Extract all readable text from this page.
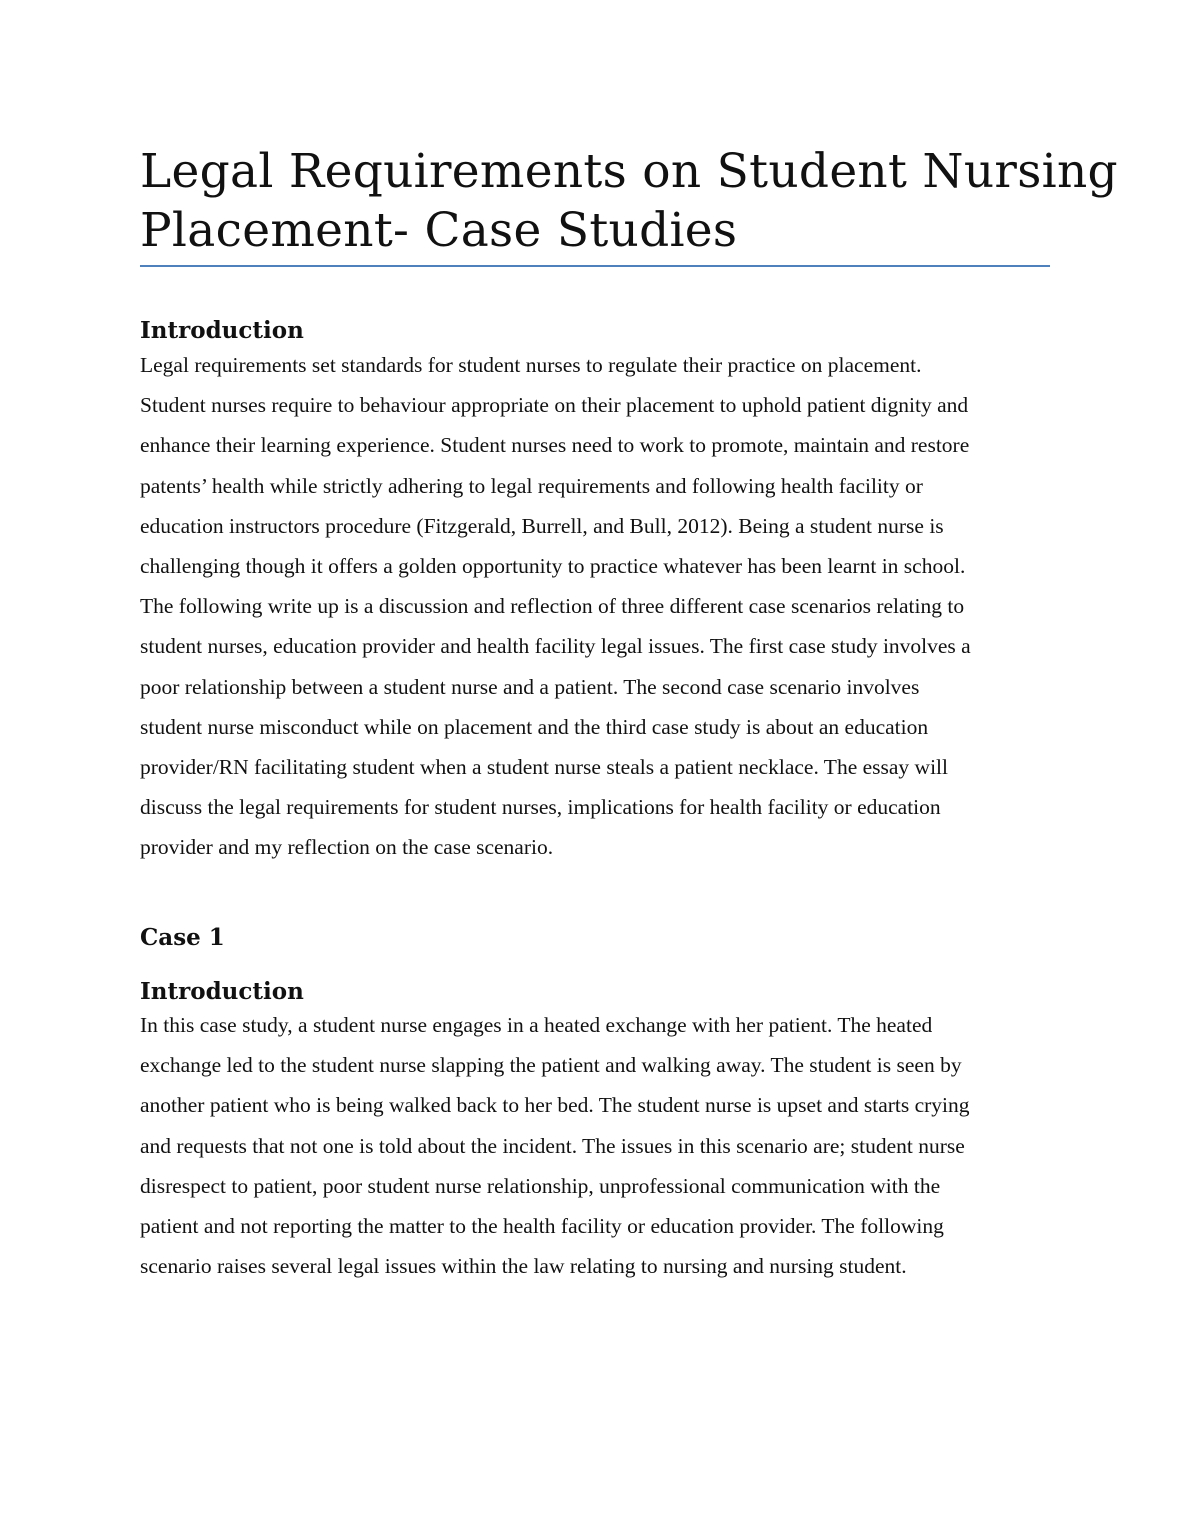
Legal Requirements on Student Nursing
Placement- Case Studies
Introduction

Legal requirements set standards for student nurses to regulate their practice on placement.
Student nurses require to behaviour appropriate on their placement to uphold patient dignity and
enhance their learning experience. Student nurses need to work to promote, maintain and restore
patents’ health while strictly adhering to legal requirements and following health facility or
education instructors procedure (Fitzgerald, Burrell, and Bull, 2012). Being a student nurse is
challenging though it offers a golden opportunity to practice whatever has been learnt in school.
The following write up is a discussion and reflection of three different case scenarios relating to
student nurses, education provider and health facility legal issues. The first case study involves a
poor relationship between a student nurse and a patient. The second case scenario involves
student nurse misconduct while on placement and the third case study is about an education
provider/RN facilitating student when a student nurse steals a patient necklace. The essay will
discuss the legal requirements for student nurses, implications for health facility or education
provider and my reflection on the case scenario.

Case 1
Introduction

In this case study, a student nurse engages in a heated exchange with her patient. The heated
exchange led to the student nurse slapping the patient and walking away. The student is seen by
another patient who is being walked back to her bed. The student nurse is upset and starts crying
and requests that not one is told about the incident. The issues in this scenario are; student nurse
disrespect to patient, poor student nurse relationship, unprofessional communication with the
patient and not reporting the matter to the health facility or education provider. The following
scenario raises several legal issues within the law relating to nursing and nursing student.
